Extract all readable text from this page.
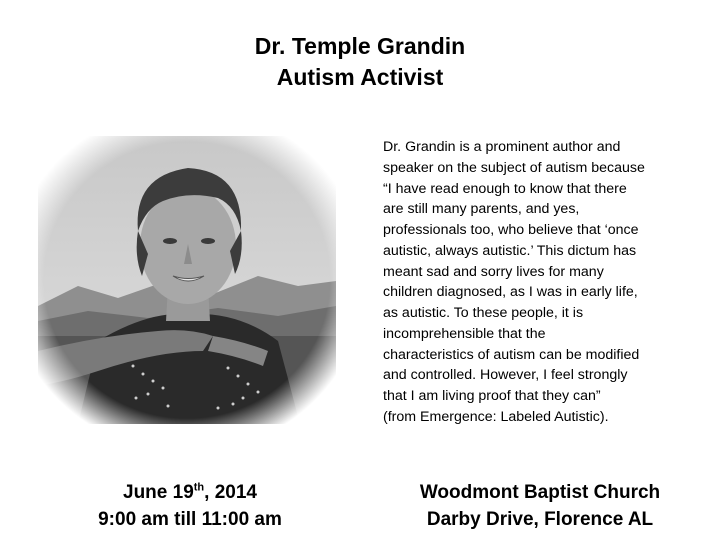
Dr. Temple Grandin
Autism Activist
Dr. Grandin is a prominent author and
speaker on the subject of autism because
“I have read enough to know that there
are still many parents, and yes,
professionals too, who believe that ‘once
autistic, always autistic.’ This dictum has
meant sad and sorry lives for many
children diagnosed, as I was in early life,
as autistic. To these people, it is
incomprehensible that the
characteristics of autism can be modified
and controlled. However, I feel strongly
that I am living proof that they can”
(from Emergence: Labeled Autistic).
June 19th, 2014
9:00 am till 11:00 am
Woodmont Baptist Church
Darby Drive, Florence AL
